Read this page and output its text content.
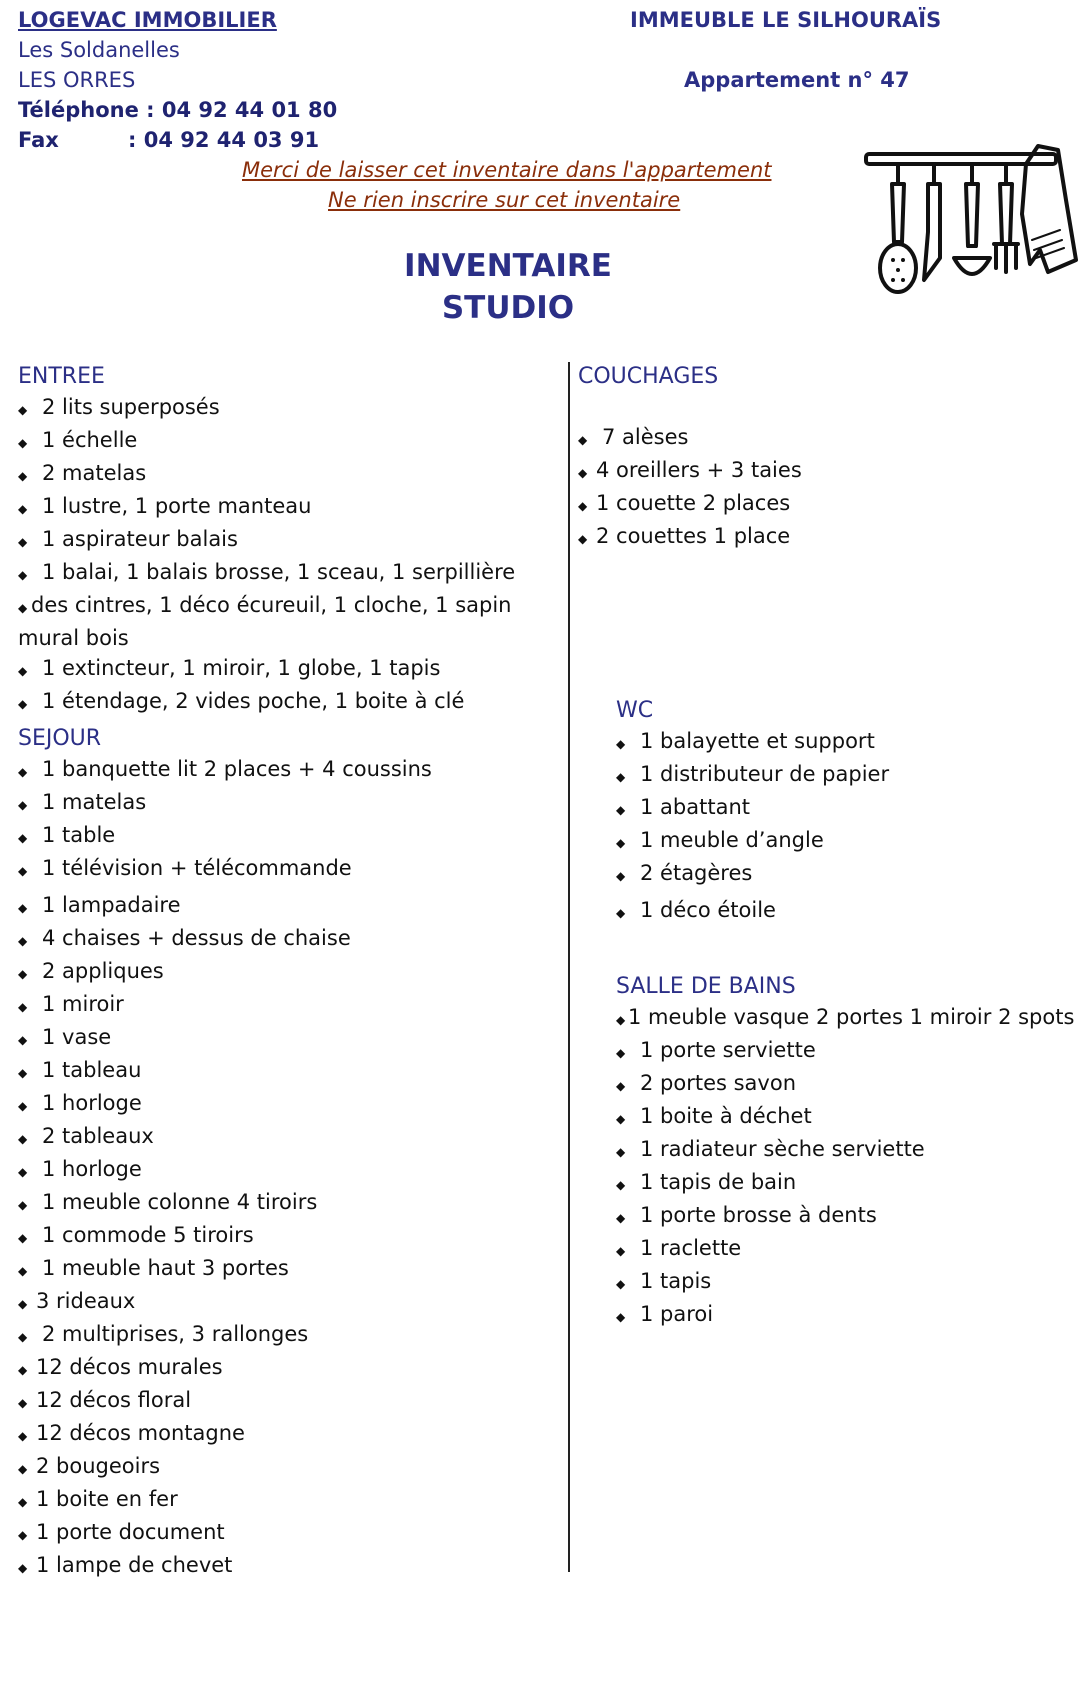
LOGEVAC IMMOBILIER
Les Soldanelles
LES ORRES
Téléphone : 04 92 44 01 80
Fax	: 04 92 44 03 91
IMMEUBLE LE SILHOURAÏS
Appartement n° 47
Merci de laisser cet inventaire dans l'appartement
Ne rien inscrire sur cet inventaire
INVENTAIRE
STUDIO
ENTREE
◆ 2 lits superposés
◆ 1 échelle
◆ 2 matelas
◆ 1 lustre, 1 porte manteau
◆ 1 aspirateur balais
◆ 1 balai, 1 balais brosse, 1 sceau, 1 serpillière
◆ des cintres, 1 déco écureuil, 1 cloche, 1 sapin mural bois
◆ 1 extincteur, 1 miroir, 1 globe, 1 tapis
◆ 1 étendage, 2 vides poche, 1 boite à clé
SEJOUR
◆ 1 banquette lit 2 places + 4 coussins
◆ 1 matelas
◆ 1 table
◆ 1 télévision + télécommande
◆ 1 lampadaire
◆ 4 chaises + dessus de chaise
◆ 2 appliques
◆ 1 miroir
◆ 1 vase
◆ 1 tableau
◆ 1 horloge
◆ 2 tableaux
◆ 1 horloge
◆ 1 meuble colonne 4 tiroirs
◆ 1 commode 5 tiroirs
◆ 1 meuble haut 3 portes
◆ 3 rideaux
◆ 2 multiprises, 3 rallonges
◆ 12 décos murales
◆ 12 décos floral
◆ 12 décos montagne
◆ 2 bougeoirs
◆ 1 boite en fer
◆ 1 porte document
◆ 1 lampe de chevet
COUCHAGES
◆ 7 alèses
◆ 4 oreillers + 3 taies
◆ 1 couette 2 places
◆ 2 couettes 1 place
WC
◆ 1 balayette et support
◆ 1 distributeur de papier
◆ 1 abattant
◆ 1 meuble d’angle
◆ 2 étagères
◆ 1 déco étoile
SALLE DE BAINS
◆ 1 meuble vasque 2 portes 1 miroir 2 spots
◆ 1 porte serviette
◆ 2 portes savon
◆ 1 boite à déchet
◆ 1 radiateur sèche serviette
◆ 1 tapis de bain
◆ 1 porte brosse à dents
◆ 1 raclette
◆ 1 tapis
◆ 1 paroi
